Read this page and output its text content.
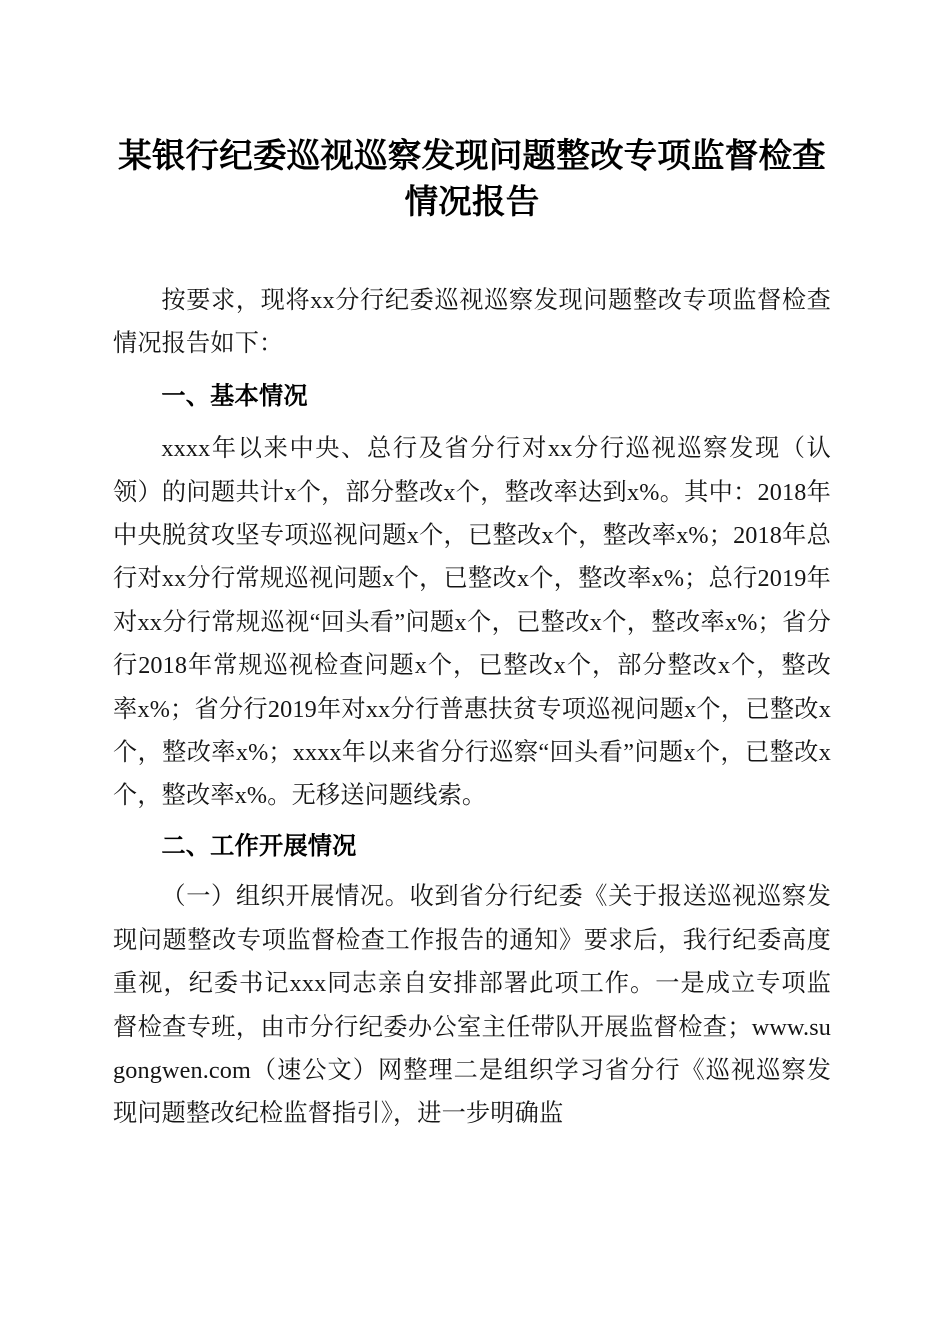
某银行纪委巡视巡察发现问题整改专项监督检查情况报告

按要求，现将xx分行纪委巡视巡察发现问题整改专项监督检查情况报告如下：

一、基本情况

xxxx年以来中央、总行及省分行对xx分行巡视巡察发现（认领）的问题共计x个，部分整改x个，整改率达到x%。其中：2018年中央脱贫攻坚专项巡视问题x个，已整改x个，整改率x%；2018年总行对xx分行常规巡视问题x个，已整改x个，整改率x%；总行2019年对xx分行常规巡视“回头看”问题x个，已整改x个，整改率x%；省分行2018年常规巡视检查问题x个，已整改x个，部分整改x个，整改率x%；省分行2019年对xx分行普惠扶贫专项巡视问题x个，已整改x个，整改率x%；xxxx年以来省分行巡察“回头看”问题x个，已整改x个，整改率x%。无移送问题线索。

二、工作开展情况

（一）组织开展情况。收到省分行纪委《关于报送巡视巡察发现问题整改专项监督检查工作报告的通知》要求后，我行纪委高度重视，纪委书记xxx同志亲自安排部署此项工作。一是成立专项监督检查专班，由市分行纪委办公室主任带队开展监督检查；www.sugongwen.com（速公文）网整理二是组织学习省分行《巡视巡察发现问题整改纪检监督指引》，进一步明确监
